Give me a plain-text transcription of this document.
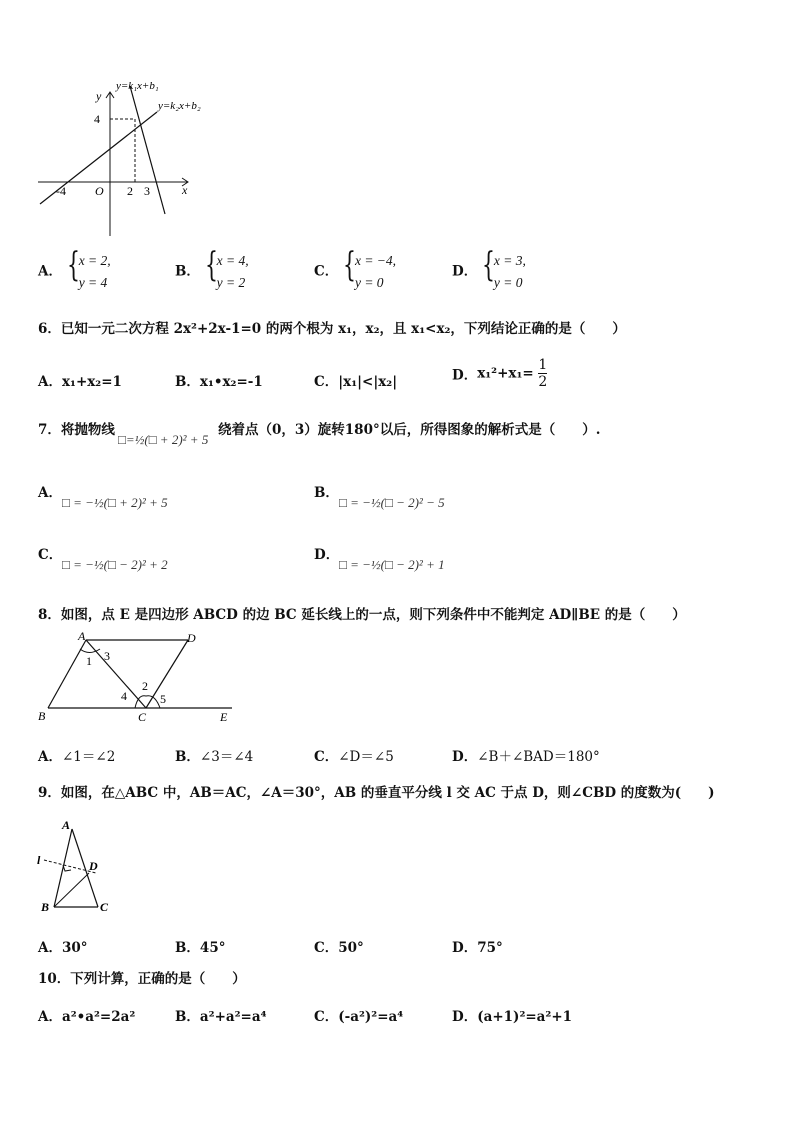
y=k₁x+b₁
y=k₂x+b₂
y
x
4
-4 O 2 3
A． { x = 2,
y = 4
B． { x = 4,
y = 2
C． { x = −4,
y = 0
D． { x = 3,
y = 0
6．已知一元二次方程 2x²+2x-1=0 的两个根为 x₁，x₂，且 x₁<x₂，下列结论正确的是（　　）
A．x₁+x₂=1	B．x₁•x₂=-1	C．|x₁|<|x₂|	D．$x_1^2+x_1= \frac{1}{2}$
7．将抛物线
□=½(□ + 2)² + 5
绕着点（0，3）旋转180°以后，所得图象的解析式是（　　）.
A．
□ = −½(□ + 2)² + 5
B．
□ = −½(□ − 2)² − 5
C．
□ = −½(□ − 2)² + 2
D．
□ = −½(□ − 2)² + 1
8．如图，点 E 是四边形 ABCD 的边 BC 延长线上的一点，则下列条件中不能判定 AD∥BE 的是（　　）
A	D
B	C	E
1 3
2
4	5
A．∠1＝∠2	B．∠3＝∠4	C．∠D＝∠5	D．∠B＋∠BAD＝180°
9．如图，在△ABC 中，AB＝AC，∠A＝30°，AB 的垂直平分线 l 交 AC 于点 D，则∠CBD 的度数为(　　)
A
l	D
B	C
A．30°	B．45°	C．50°	D．75°
10．下列计算，正确的是（　　）
A．a²•a²=2a²	B．a²+a²=a⁴	C．(-a²)²=a⁴	D．(a+1)²=a²+1
